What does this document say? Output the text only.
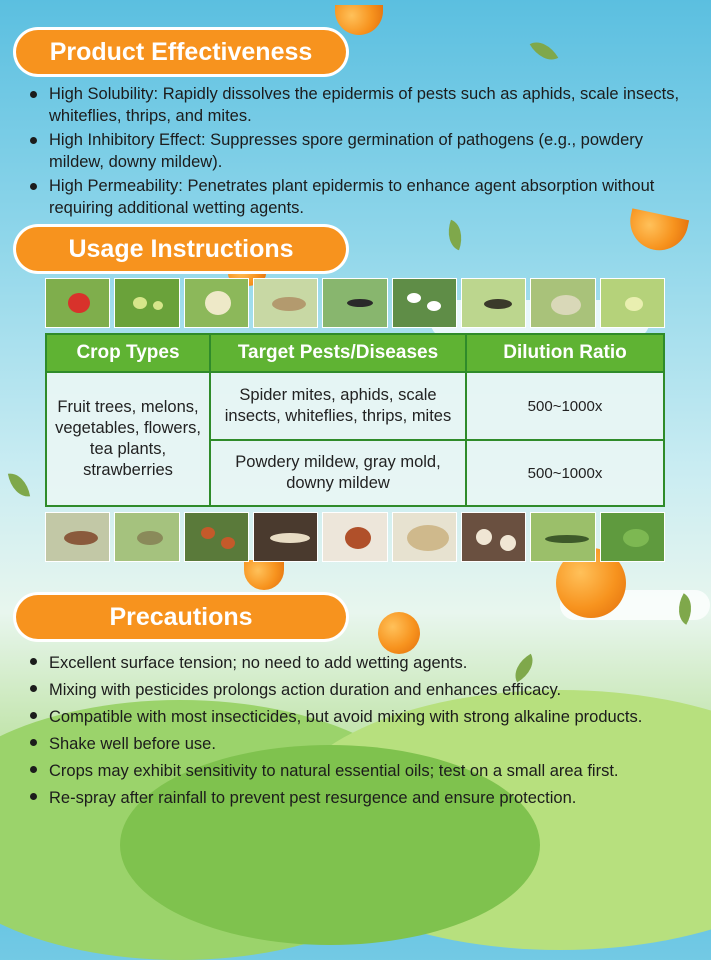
Product Effectiveness
High Solubility: Rapidly dissolves the epidermis of pests such as aphids, scale insects, whiteflies, thrips, and mites.
High Inhibitory Effect: Suppresses spore germination of pathogens (e.g., powdery mildew, downy mildew).
High Permeability: Penetrates plant epidermis to enhance agent absorption without requiring additional wetting agents.
Usage Instructions
Crop Types	Target Pests/Diseases	Dilution Ratio
Fruit trees, melons, vegetables, flowers, tea plants, strawberries	Spider mites, aphids, scale insects, whiteflies, thrips, mites	500~1000x
	Powdery mildew, gray mold, downy mildew	500~1000x
Precautions
Excellent surface tension; no need to add wetting agents.
Mixing with pesticides prolongs action duration and enhances efficacy.
Compatible with most insecticides, but avoid mixing with strong alkaline products.
Shake well before use.
Crops may exhibit sensitivity to natural essential oils; test on a small area first.
Re-spray after rainfall to prevent pest resurgence and ensure protection.
